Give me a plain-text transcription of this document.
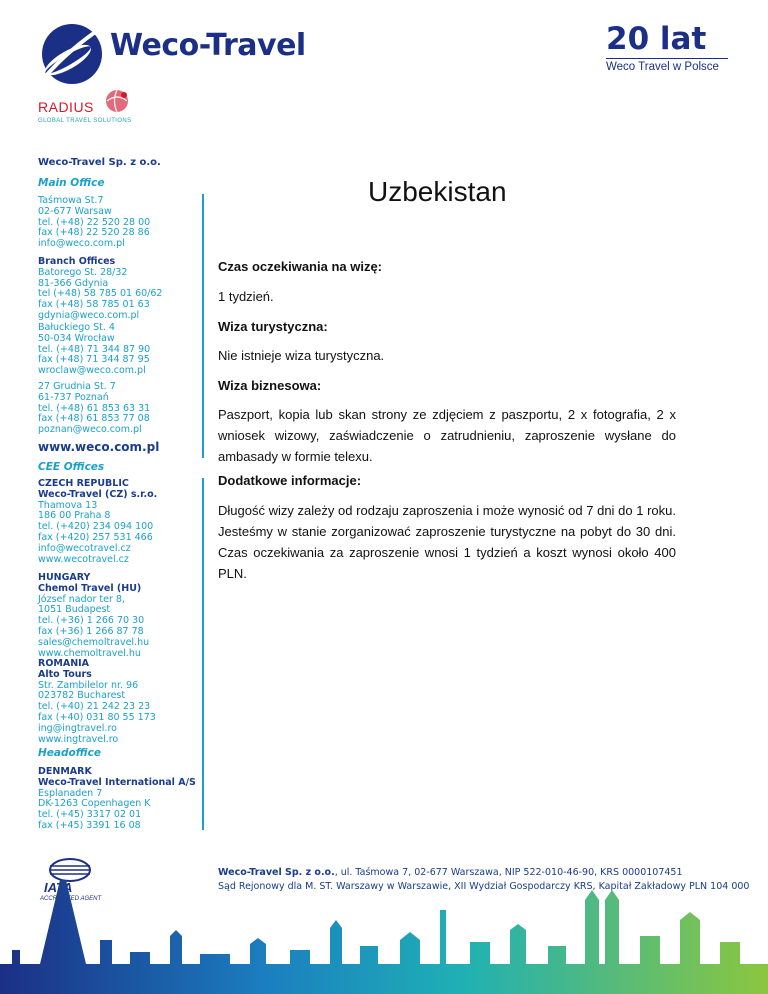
Weco-Travel	20 lat
Weco Travel w Polsce
RADIUS
GLOBAL TRAVEL SOLUTIONS
Weco-Travel Sp. z o.o.
Main Office
Taśmowa St.7
02-677 Warsaw
tel. (+48) 22 520 28 00
fax (+48) 22 520 28 86
info@weco.com.pl
Branch Offices
Batorego St. 28/32
81-366 Gdynia
tel (+48) 58 785 01 60/62
fax (+48) 58 785 01 63
gdynia@weco.com.pl
Bałuckiego St. 4
50-034 Wrocław
tel. (+48) 71 344 87 90
fax (+48) 71 344 87 95
wroclaw@weco.com.pl
27 Grudnia St. 7
61-737 Poznań
tel. (+48) 61 853 63 31
fax (+48) 61 853 77 08
poznan@weco.com.pl
www.weco.com.pl
CEE Offices
CZECH REPUBLIC
Weco-Travel (CZ) s.r.o.
Thamova 13
186 00 Praha 8
tel. (+420) 234 094 100
fax (+420) 257 531 466
info@wecotravel.cz
www.wecotravel.cz
HUNGARY
Chemol Travel (HU)
József nador ter 8,
1051 Budapest
tel. (+36) 1 266 70 30
fax (+36) 1 266 87 78
sales@chemoltravel.hu
www.chemoltravel.hu
ROMANIA
Alto Tours
Str. Zambilelor nr. 96
023782 Bucharest
tel. (+40) 21 242 23 23
fax (+40) 031 80 55 173
ing@ingtravel.ro
www.ingtravel.ro
Headoffice
DENMARK
Weco-Travel International A/S
Esplanaden 7
DK-1263 Copenhagen K
tel. (+45) 3317 02 01
fax (+45) 3391 16 08
Uzbekistan
Czas oczekiwania na wizę:
1 tydzień.
Wiza turystyczna:
Nie istnieje wiza turystyczna.
Wiza biznesowa:
Paszport, kopia lub skan strony ze zdjęciem z paszportu, 2 x fotografia, 2 x wniosek wizowy, zaświadczenie o zatrudnieniu, zaproszenie wysłane do ambasady w formie telexu.
Dodatkowe informacje:
Długość wizy zależy od rodzaju zaproszenia i może wynosić od 7 dni do 1 roku. Jesteśmy w stanie zorganizować zaproszenie turystyczne na pobyt do 30 dni. Czas oczekiwania za zaproszenie wnosi 1 tydzień a koszt wynosi około 400 PLN.
Weco-Travel Sp. z o.o., ul. Taśmowa 7, 02-677 Warszawa, NIP 522-010-46-90, KRS 0000107451
Sąd Rejonowy dla M. ST. Warszawy w Warszawie, XII Wydział Gospodarczy KRS, Kapitał Zakładowy PLN 104 000
IATA
ACCREDITED AGENT
